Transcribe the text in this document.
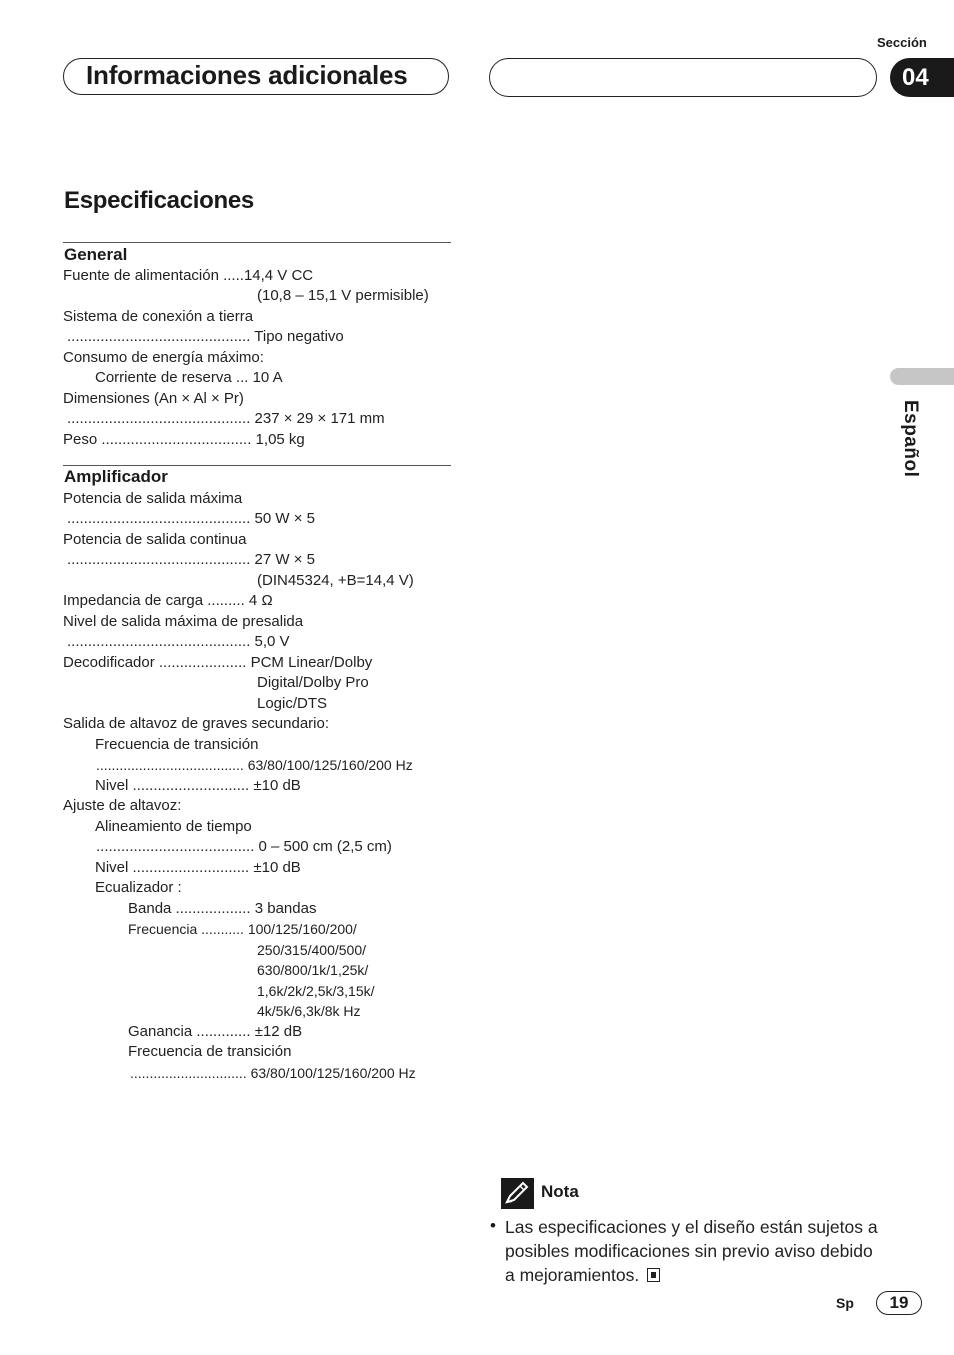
Sección
Informaciones adicionales	04
Especificaciones
General
Fuente de alimentación .....14,4 V CC
(10,8 – 15,1 V permisible)
Sistema de conexión a tierra
............................................ Tipo negativo
Consumo de energía máximo:
Corriente de reserva ... 10 A
Dimensiones (An × Al × Pr)
............................................ 237 × 29 × 171 mm
Peso .................................... 1,05 kg
Amplificador
Potencia de salida máxima
............................................ 50 W × 5
Potencia de salida continua
............................................ 27 W × 5
(DIN45324, +B=14,4 V)
Impedancia de carga ......... 4 Ω
Nivel de salida máxima de presalida
............................................ 5,0 V
Decodificador ..................... PCM Linear/Dolby
Digital/Dolby Pro
Logic/DTS
Salida de altavoz de graves secundario:
Frecuencia de transición
...................................... 63/80/100/125/160/200 Hz
Nivel ............................ ±10 dB
Ajuste de altavoz:
Alineamiento de tiempo
...................................... 0 – 500 cm (2,5 cm)
Nivel ............................ ±10 dB
Ecualizador :
Banda .................. 3 bandas
Frecuencia ........... 100/125/160/200/
250/315/400/500/
630/800/1k/1,25k/
1,6k/2k/2,5k/3,15k/
4k/5k/6,3k/8k Hz
Ganancia ............. ±12 dB
Frecuencia de transición
.............................. 63/80/100/125/160/200 Hz
Español
Nota
• Las especificaciones y el diseño están sujetos a posibles modificaciones sin previo aviso debido a mejoramientos.
Sp	19
